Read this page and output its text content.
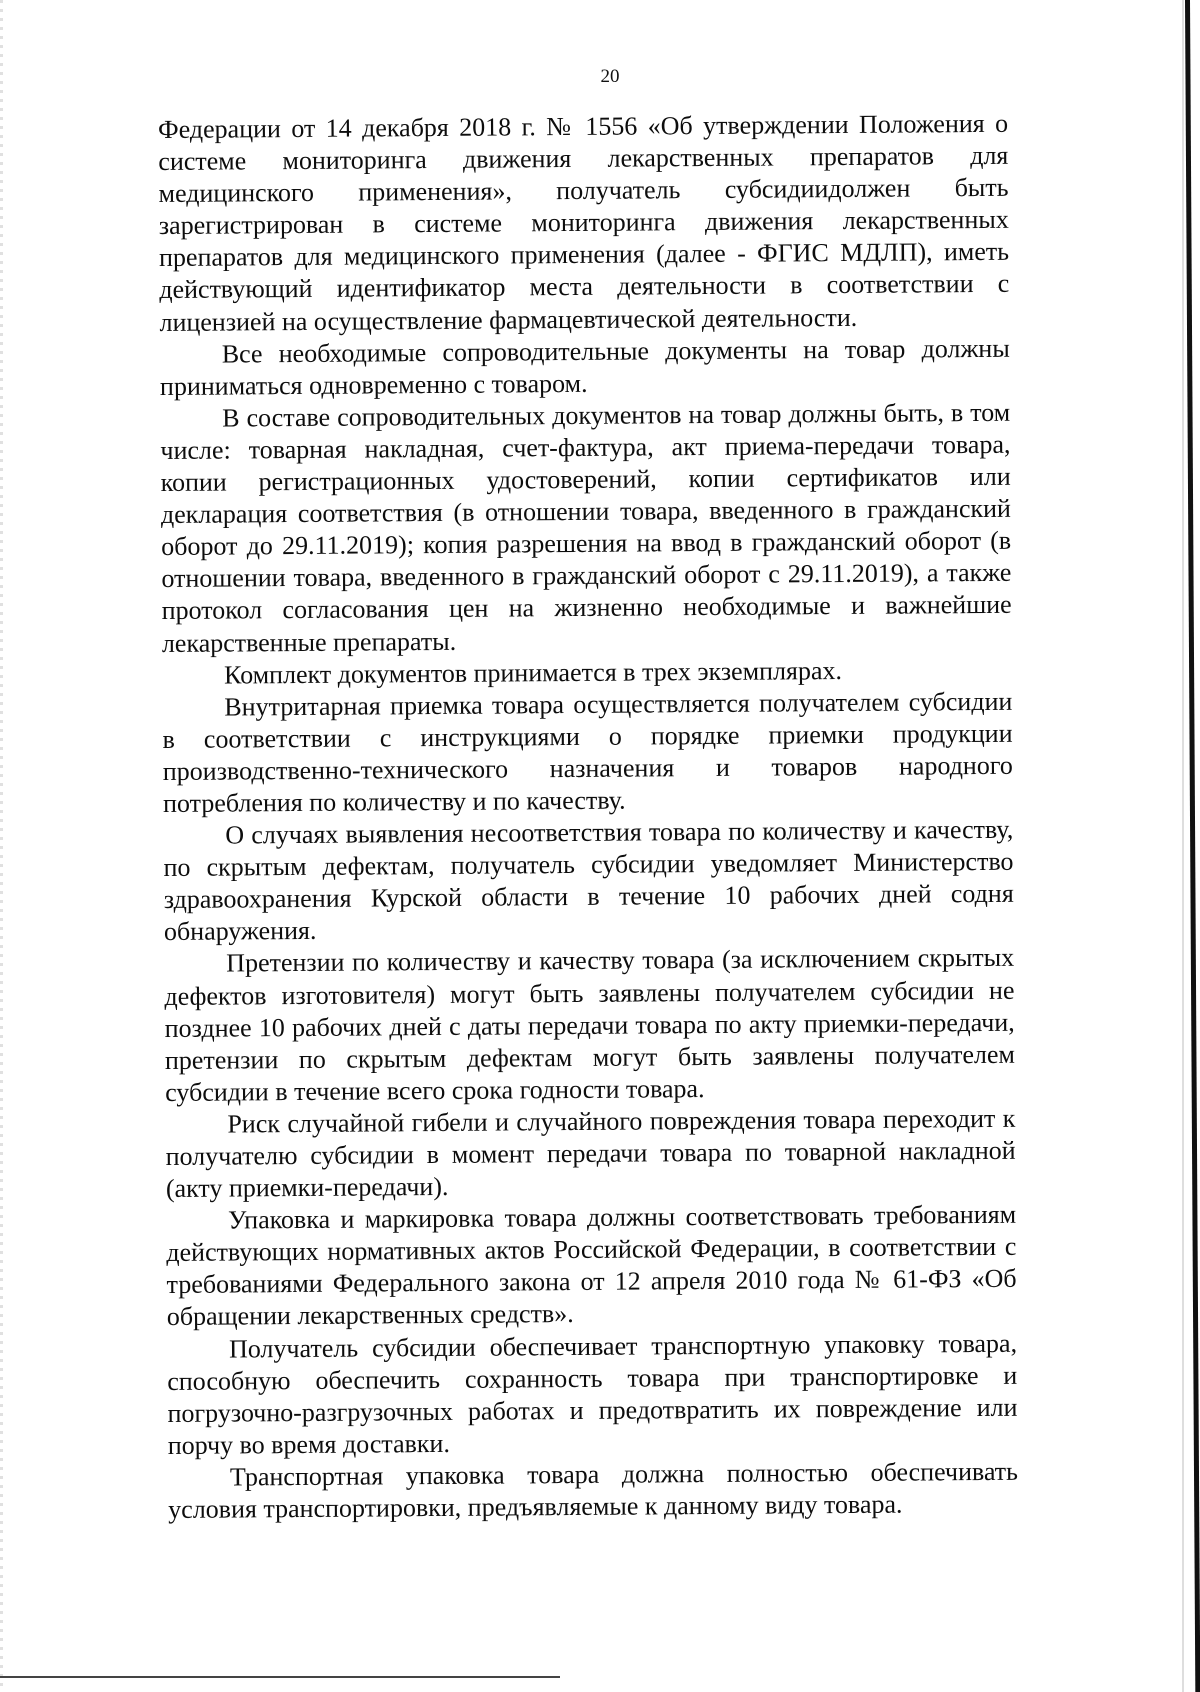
20

Федерации от 14 декабря 2018 г. № 1556 «Об утверждении Положения о системе мониторинга движения лекарственных препаратов для медицинского применения», получатель субсидиидолжен быть зарегистрирован в системе мониторинга движения лекарственных препаратов для медицинского применения (далее - ФГИС МДЛП), иметь действующий идентификатор места деятельности в соответствии с лицензией на осуществление фармацевтической деятельности.

Все необходимые сопроводительные документы на товар должны приниматься одновременно с товаром.

В составе сопроводительных документов на товар должны быть, в том числе: товарная накладная, счет-фактура, акт приема-передачи товара, копии регистрационных удостоверений, копии сертификатов или декларация соответствия (в отношении товара, введенного в гражданский оборот до 29.11.2019); копия разрешения на ввод в гражданский оборот (в отношении товара, введенного в гражданский оборот с 29.11.2019), а также протокол согласования цен на жизненно необходимые и важнейшие лекарственные препараты.

Комплект документов принимается в трех экземплярах.

Внутритарная приемка товара осуществляется получателем субсидии в соответствии с инструкциями о порядке приемки продукции производственно-технического назначения и товаров народного потребления по количеству и по качеству.

О случаях выявления несоответствия товара по количеству и качеству, по скрытым дефектам, получатель субсидии уведомляет Министерство здравоохранения Курской области в течение 10 рабочих дней содня обнаружения.

Претензии по количеству и качеству товара (за исключением скрытых дефектов изготовителя) могут быть заявлены получателем субсидии не позднее 10 рабочих дней с даты передачи товара по акту приемки-передачи, претензии по скрытым дефектам могут быть заявлены получателем субсидии в течение всего срока годности товара.

Риск случайной гибели и случайного повреждения товара переходит к получателю субсидии в момент передачи товара по товарной накладной (акту приемки-передачи).

Упаковка и маркировка товара должны соответствовать требованиям действующих нормативных актов Российской Федерации, в соответствии с требованиями Федерального закона от 12 апреля 2010 года № 61-ФЗ «Об обращении лекарственных средств».

Получатель субсидии обеспечивает транспортную упаковку товара, способную обеспечить сохранность товара при транспортировке и погрузочно-разгрузочных работах и предотвратить их повреждение или порчу во время доставки.

Транспортная упаковка товара должна полностью обеспечивать условия транспортировки, предъявляемые к данному виду товара.
